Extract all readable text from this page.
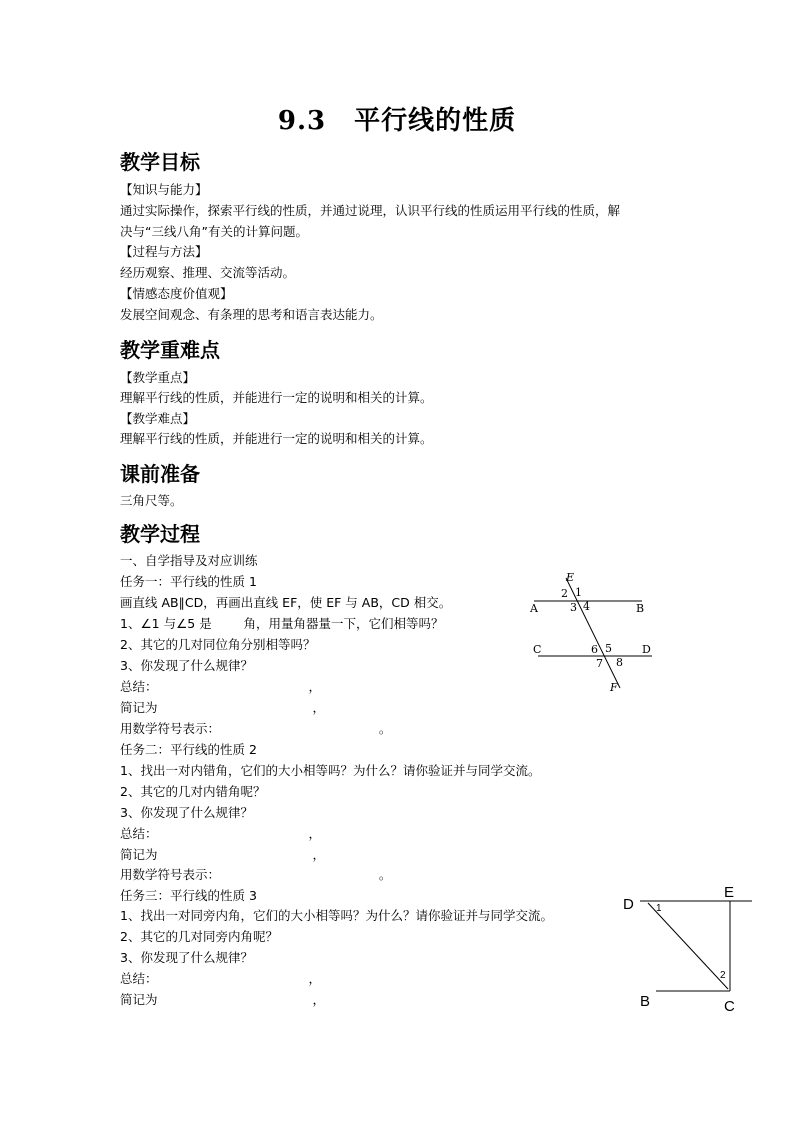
9.3 平行线的性质
教学目标
【知识与能力】
通过实际操作，探索平行线的性质，并通过说理，认识平行线的性质运用平行线的性质，解
决与“三线八角”有关的计算问题。
【过程与方法】
经历观察、推理、交流等活动。
【情感态度价值观】
发展空间观念、有条理的思考和语言表达能力。
教学重难点
【教学重点】
理解平行线的性质，并能进行一定的说明和相关的计算。
【教学难点】
理解平行线的性质，并能进行一定的说明和相关的计算。
课前准备
三角尺等。
教学过程
一、自学指导及对应训练
任务一：平行线的性质 1
画直线 AB∥CD，再画出直线 EF，使 EF 与 AB，CD 相交。
1、∠1 与∠5 是        角，用量角器量一下，它们相等吗？
2、其它的几对同位角分别相等吗？
3、你发现了什么规律？
总结：                                      ，
简记为                                       ，
用数学符号表示：                                        。
任务二：平行线的性质 2
1、找出一对内错角，它们的大小相等吗？为什么？请你验证并与同学交流。
2、其它的几对内错角呢？
3、你发现了什么规律？
总结：                                      ，
简记为                                       ，
用数学符号表示：                                        。
任务三：平行线的性质 3
1、找出一对同旁内角，它们的大小相等吗？为什么？请你验证并与同学交流。
2、其它的几对同旁内角呢？
3、你发现了什么规律？
总结：                                      ，
简记为                                       ，
E
F
A	B
C	D
1
2
3 4
5
6
7 8
D
E
B	C
1
2
